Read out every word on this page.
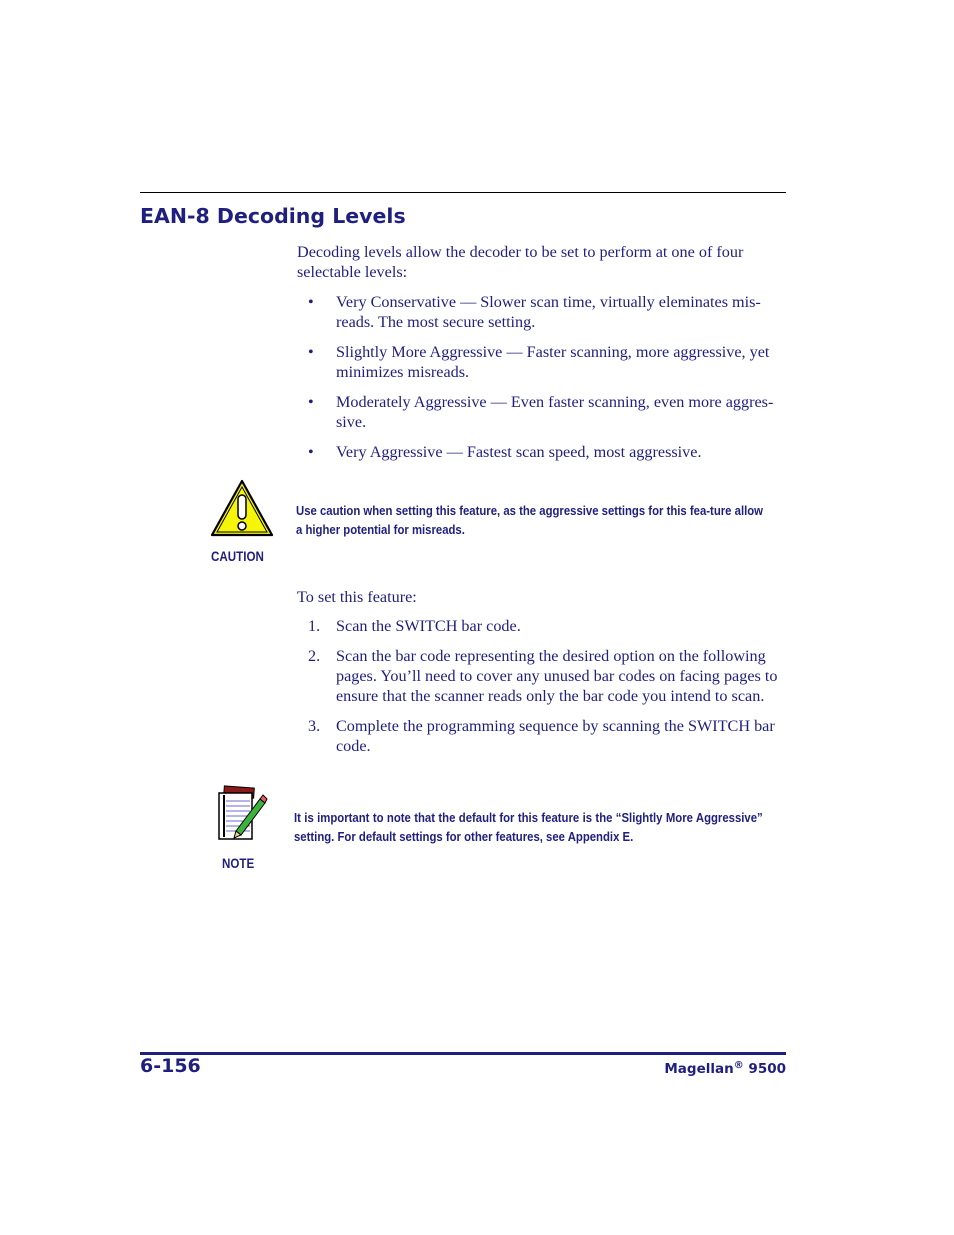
EAN-8 Decoding Levels

Decoding levels allow the decoder to be set to perform at one of four selectable levels:

• Very Conservative — Slower scan time, virtually eleminates mis-reads. The most secure setting.
• Slightly More Aggressive — Faster scanning, more aggressive, yet minimizes misreads.
• Moderately Aggressive — Even faster scanning, even more aggres-sive.
• Very Aggressive — Fastest scan speed, most aggressive.
CAUTION
Use caution when setting this feature, as the aggressive settings for this fea-ture allow a higher potential for misreads.

To set this feature:

1. Scan the SWITCH bar code.
2. Scan the bar code representing the desired option on the following pages. You’ll need to cover any unused bar codes on facing pages to ensure that the scanner reads only the bar code you intend to scan.
3. Complete the programming sequence by scanning the SWITCH bar code.
NOTE
It is important to note that the default for this feature is the “Slightly More Aggressive” setting. For default settings for other features, see Appendix E.
6-156	Magellan® 9500
